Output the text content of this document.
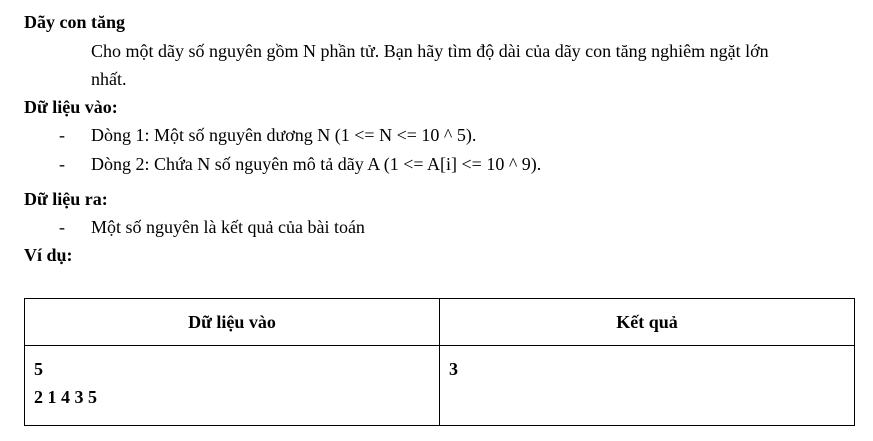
Dãy con tăng
Cho một dãy số nguyên gồm N phần tử. Bạn hãy tìm độ dài của dãy con tăng nghiêm ngặt lớn
nhất.
Dữ liệu vào:
- Dòng 1: Một số nguyên dương N (1 <= N <= 10 ^ 5).
- Dòng 2: Chứa N số nguyên mô tả dãy A (1 <= A[i] <= 10 ^ 9).
Dữ liệu ra:
- Một số nguyên là kết quả của bài toán
Ví dụ:
Dữ liệu vào	Kết quả

5
2 1 4 3 5	3
